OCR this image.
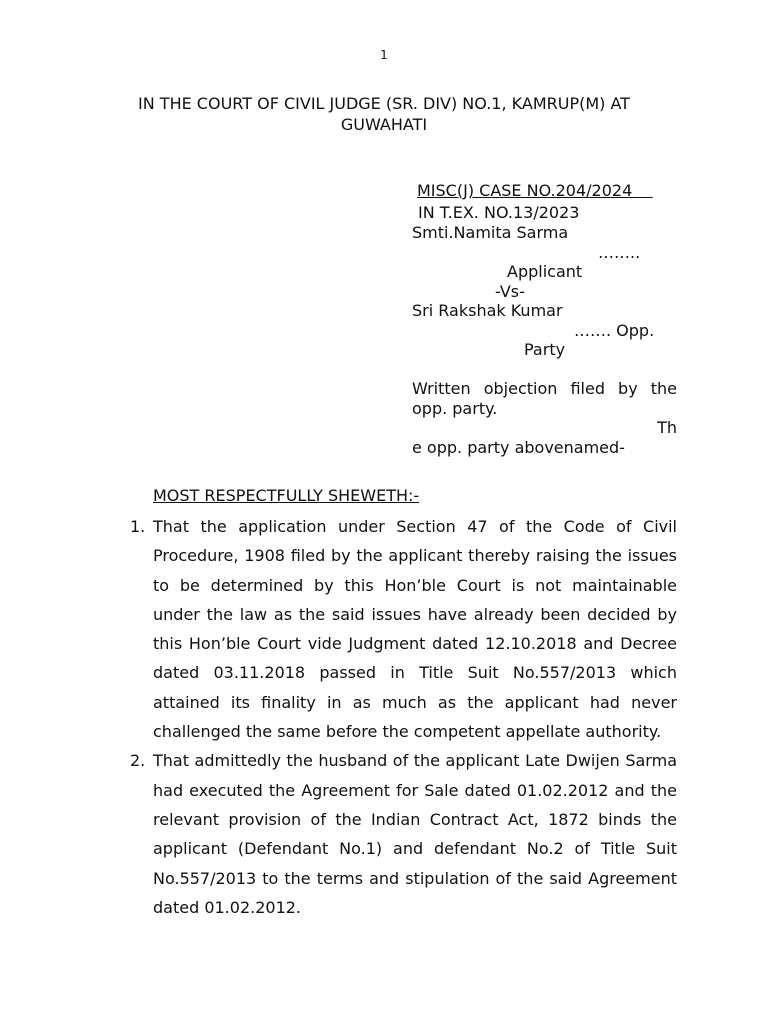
1
IN THE COURT OF CIVIL JUDGE (SR. DIV) NO.1, KAMRUP(M) AT
GUWAHATI
MISC(J) CASE NO.204/2024
IN T.EX. NO.13/2023
Smti.Namita Sarma
……..
Applicant
-Vs-
Sri Rakshak Kumar
……. Opp.
Party
Written objection filed by the
opp. party.
Th
e opp. party abovenamed-
MOST RESPECTFULLY SHEWETH:-
1. That the application under Section 47 of the Code of Civil Procedure, 1908 filed by the applicant thereby raising the issues to be determined by this Hon’ble Court is not maintainable under the law as the said issues have already been decided by this Hon’ble Court vide Judgment dated 12.10.2018 and Decree dated 03.11.2018 passed in Title Suit No.557/2013 which attained its finality in as much as the applicant had never challenged the same before the competent appellate authority.
2. That admittedly the husband of the applicant Late Dwijen Sarma had executed the Agreement for Sale dated 01.02.2012 and the relevant provision of the Indian Contract Act, 1872 binds the applicant (Defendant No.1) and defendant No.2 of Title Suit No.557/2013 to the terms and stipulation of the said Agreement dated 01.02.2012.
